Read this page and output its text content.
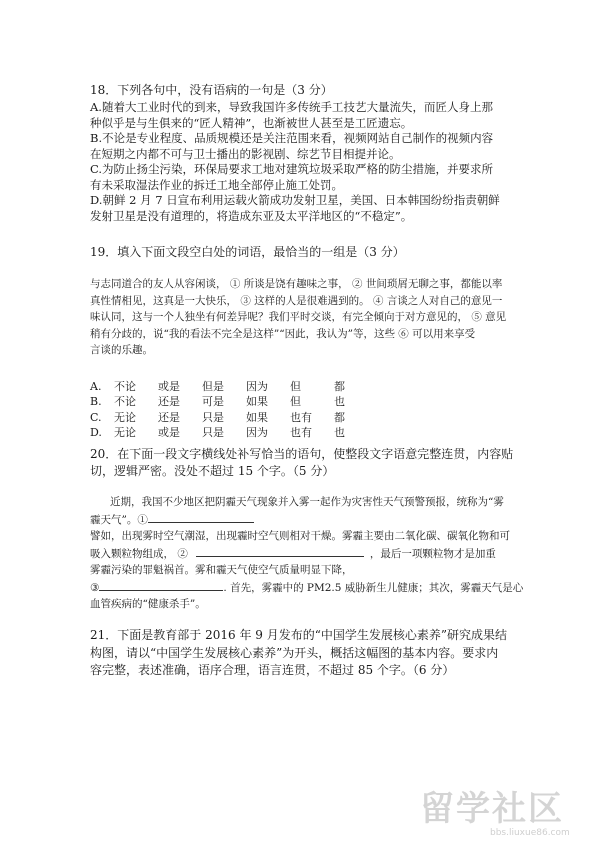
18．下列各句中，没有语病的一句是（3 分）
A.随着大工业时代的到来，导致我国许多传统手工技艺大量流失，而匠人身上那
种似乎是与生俱来的“匠人精神”，也渐被世人甚至是工匠遗忘。
B.不论是专业程度、品质规模还是关注范围来看，视频网站自己制作的视频内容
在短期之内都不可与卫士播出的影视剧、综艺节目相提并论。
C.为防止扬尘污染，环保局要求工地对建筑垃圾采取严格的防尘措施，并要求所
有未采取湿法作业的拆迁工地全部停止施工处罚。
D.朝鲜 2 月 7 日宣布利用运载火箭成功发射卫星，美国、日本韩国纷纷指责朝鲜
发射卫星是没有道理的，将造成东亚及太平洋地区的“不稳定”。
19．填入下面文段空白处的词语，最恰当的一组是（3 分）
与志同道合的友人从容闲谈， ① 所谈是饶有趣味之事， ② 世间琐屑无聊之事，都能以率
真性情相见，这真是一大快乐， ③ 这样的人是很难遇到的。 ④ 言谈之人对自己的意见一
味认同，这与一个人独坐有何差异呢？我们平时交谈，有完全倾向于对方意见的， ⑤ 意见
稍有分歧的，说“我的看法不完全是这样”“因此，我认为”等，这些 ⑥ 可以用来享受
言谈的乐趣。
A. 不论 或是 但是 因为 但	都
B. 不论 还是 可是 如果 但	也
C. 无论 还是 只是 如果 也有 都
D. 无论 或是 只是 因为 也有 也
20．在下面一段文字横线处补写恰当的语句，使整段文字语意完整连贯，内容贴
切，逻辑严密。没处不超过 15 个字。（5 分）
近期，我国不少地区把阴霾天气现象并入雾一起作为灾害性天气预警预报，统称为“雾
霾天气”。①
譬如，出现雾时空气潮湿，出现霾时空气则相对干燥。雾霾主要由二氧化碳、碳氧化物和可
吸入颗粒物组成， ②	，最后一项颗粒物才是加重
雾霾污染的罪魁祸首。雾和霾天气使空气质量明显下降，
③	. 首先，雾霾中的 PM2.5 威胁新生儿健康；其次，雾霾天气是心
血管疾病的“健康杀手”。
21．下面是教育部于 2016 年 9 月发布的“中国学生发展核心素养”研究成果结
构图，请以“中国学生发展核心素养”为开头，概括这幅图的基本内容。要求内
容完整，表述准确，语序合理，语言连贯，不超过 85 个字。（6 分）
留学社区
bbs.liuxue86.com
